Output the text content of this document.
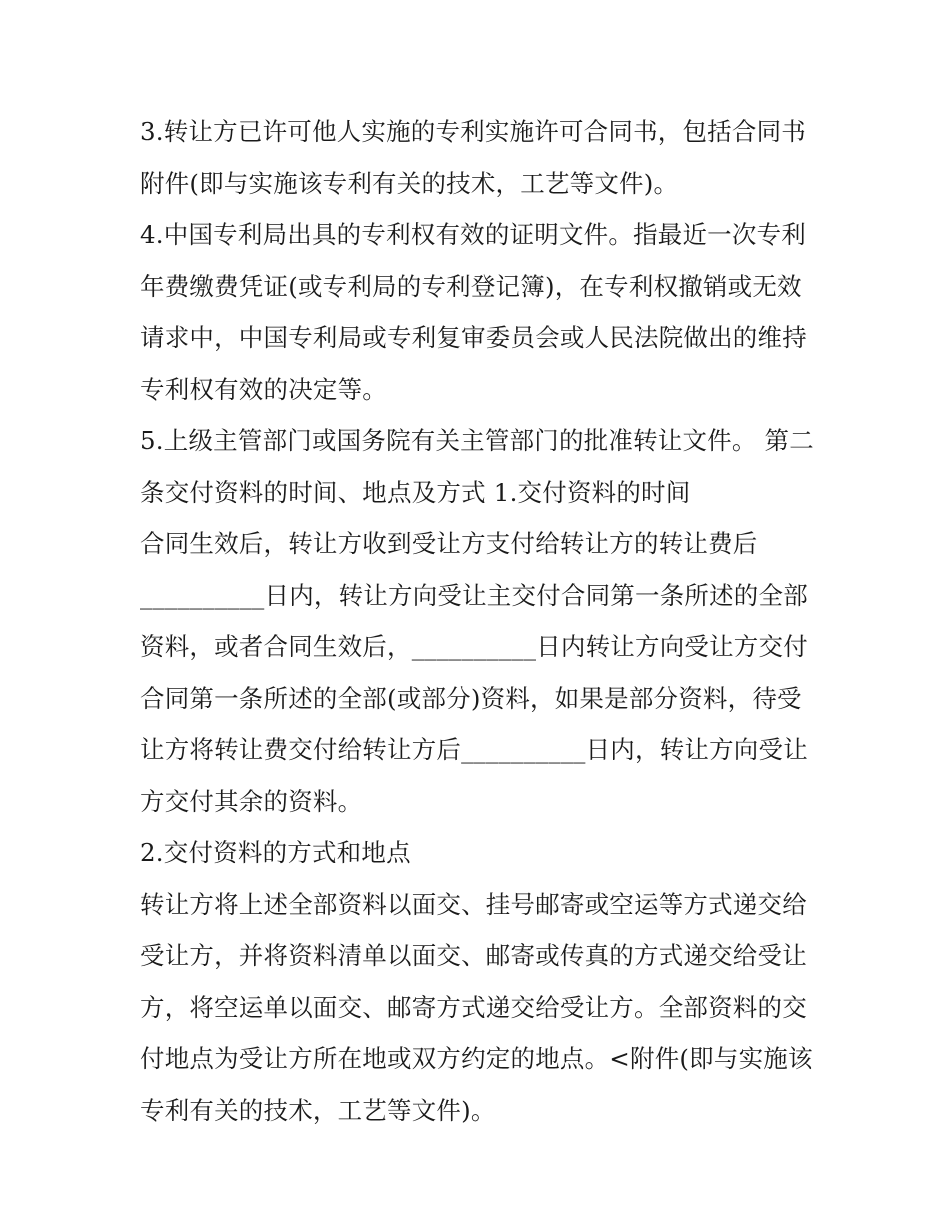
3.转让方已许可他人实施的专利实施许可合同书，包括合同书
附件(即与实施该专利有关的技术，工艺等文件)。
4.中国专利局出具的专利权有效的证明文件。指最近一次专利
年费缴费凭证(或专利局的专利登记簿)，在专利权撤销或无效
请求中，中国专利局或专利复审委员会或人民法院做出的维持
专利权有效的决定等。
5.上级主管部门或国务院有关主管部门的批准转让文件。 第二
条交付资料的时间、地点及方式 1.交付资料的时间
合同生效后，转让方收到受让方支付给转让方的转让费后
__________日内，转让方向受让主交付合同第一条所述的全部
资料，或者合同生效后，__________日内转让方向受让方交付
合同第一条所述的全部(或部分)资料，如果是部分资料，待受
让方将转让费交付给转让方后__________日内，转让方向受让
方交付其余的资料。
2.交付资料的方式和地点
转让方将上述全部资料以面交、挂号邮寄或空运等方式递交给
受让方，并将资料清单以面交、邮寄或传真的方式递交给受让
方，将空运单以面交、邮寄方式递交给受让方。全部资料的交
付地点为受让方所在地或双方约定的地点。<附件(即与实施该
专利有关的技术，工艺等文件)。
